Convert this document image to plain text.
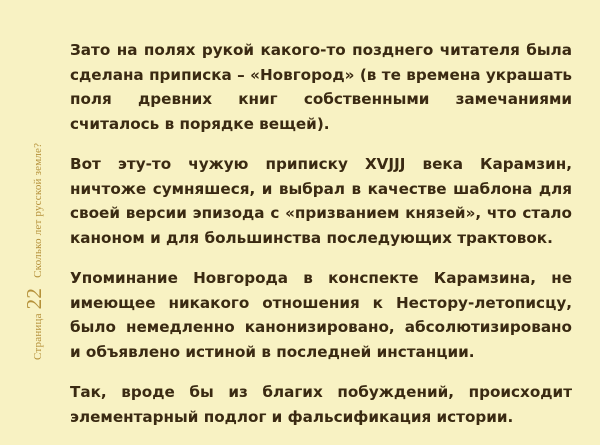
Страница
22
Сколько лет русской земле?

Зато на полях рукой какого-то позднего читателя была сделана приписка – «Новгород» (в те времена украшать поля древних книг собственными замечаниями считалось в порядке вещей).

Вот эту-то чужую приписку XVJJJ века Карамзин, ничтоже сумняшеся, и выбрал в качестве шаблона для своей версии эпизода с «призванием князей», что стало каноном и для большинства последующих трактовок.

Упоминание Новгорода в конспекте Карамзина, не имеющее никакого отношения к Нестору-летописцу, было немедленно канонизировано, абсолютизировано и объявлено истиной в последней инстанции.

Так, вроде бы из благих побуждений, происходит элементарный подлог и фальсификация истории.
